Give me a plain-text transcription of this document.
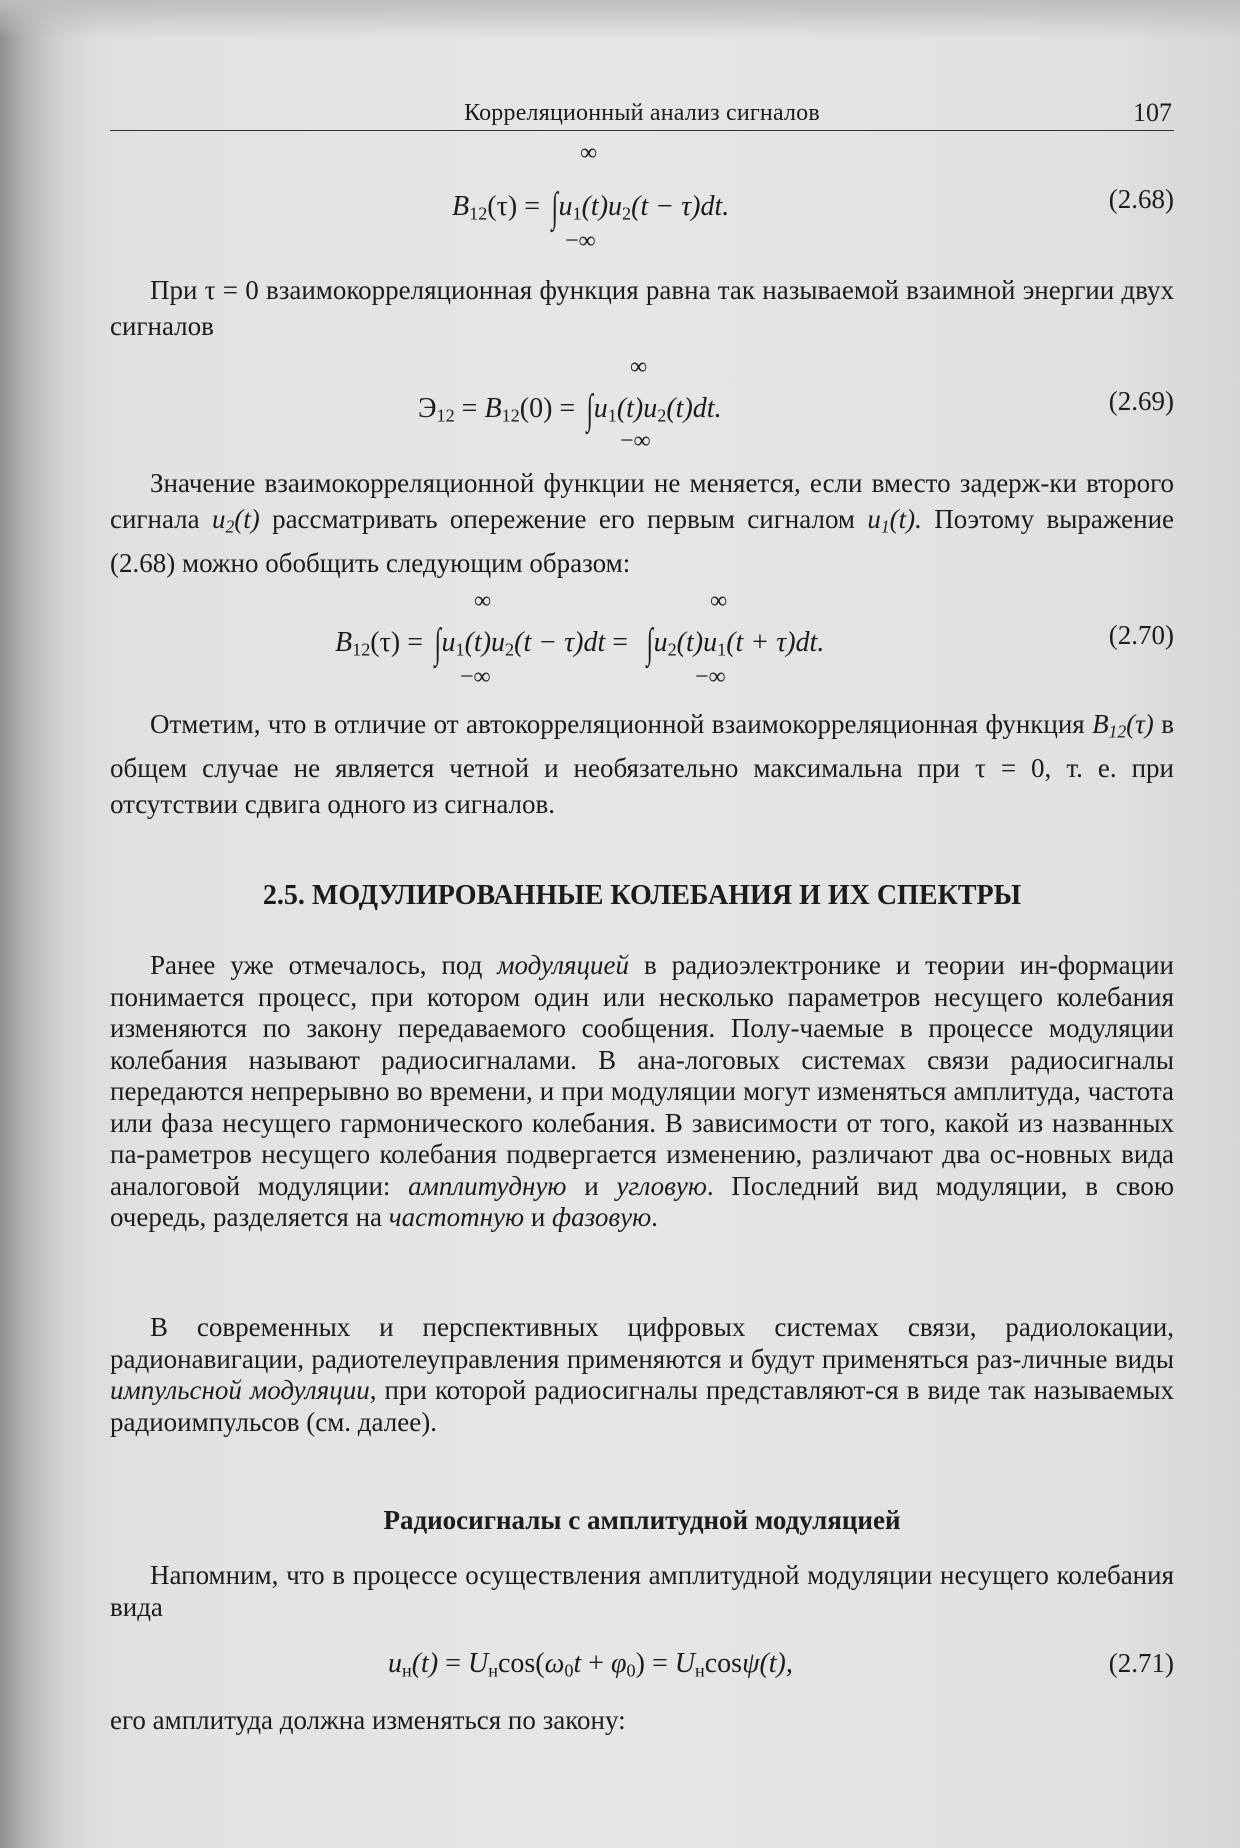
Корреляционный анализ сигналов	107
∞
$B_{12}(\tau) = \int u_1(t)u_2(t - \tau)dt$.
−∞
(2.68)
При τ = 0 взаимокорреляционная функция равна так называемой взаимной энергии двух сигналов
∞
$Э_{12} = B_{12}(0) = \int u_1(t)u_2(t)dt$.
−∞
(2.69)
Значение взаимокорреляционной функции не меняется, если вместо задерж-ки второго сигнала $u_2(t)$ рассматривать опережение его первым сигналом $u_1(t)$. Поэтому выражение (2.68) можно обобщить следующим образом:
∞	∞
$B_{12}(\tau) = \int u_1(t)u_2(t - \tau)dt = \int u_2(t)u_1(t + \tau)dt$.
−∞	−∞
(2.70)
Отметим, что в отличие от автокорреляционной взаимокорреляционная функция $B_{12}(\tau)$ в общем случае не является четной и необязательно максимальна при τ = 0, т. е. при отсутствии сдвига одного из сигналов.
2.5. МОДУЛИРОВАННЫЕ КОЛЕБАНИЯ И ИХ СПЕКТРЫ
Ранее уже отмечалось, под модуляцией в радиоэлектронике и теории ин-формации понимается процесс, при котором один или несколько параметров несущего колебания изменяются по закону передаваемого сообщения. Полу-чаемые в процессе модуляции колебания называют радиосигналами. В ана-логовых системах связи радиосигналы передаются непрерывно во времени, и при модуляции могут изменяться амплитуда, частота или фаза несущего гармонического колебания. В зависимости от того, какой из названных па-раметров несущего колебания подвергается изменению, различают два ос-новных вида аналоговой модуляции: амплитудную и угловую. Последний вид модуляции, в свою очередь, разделяется на частотную и фазовую.
В современных и перспективных цифровых системах связи, радиолокации, радионавигации, радиотелеуправления применяются и будут применяться раз-личные виды импульсной модуляции, при которой радиосигналы представляют-ся в виде так называемых радиоимпульсов (см. далее).
Радиосигналы с амплитудной модуляцией
Напомним, что в процессе осуществления амплитудной модуляции несущего колебания вида
$u_н(t) = U_н\cos(\omega_0t + \varphi_0) = U_н\cos\psi(t)$,	(2.71)
его амплитуда должна изменяться по закону:
